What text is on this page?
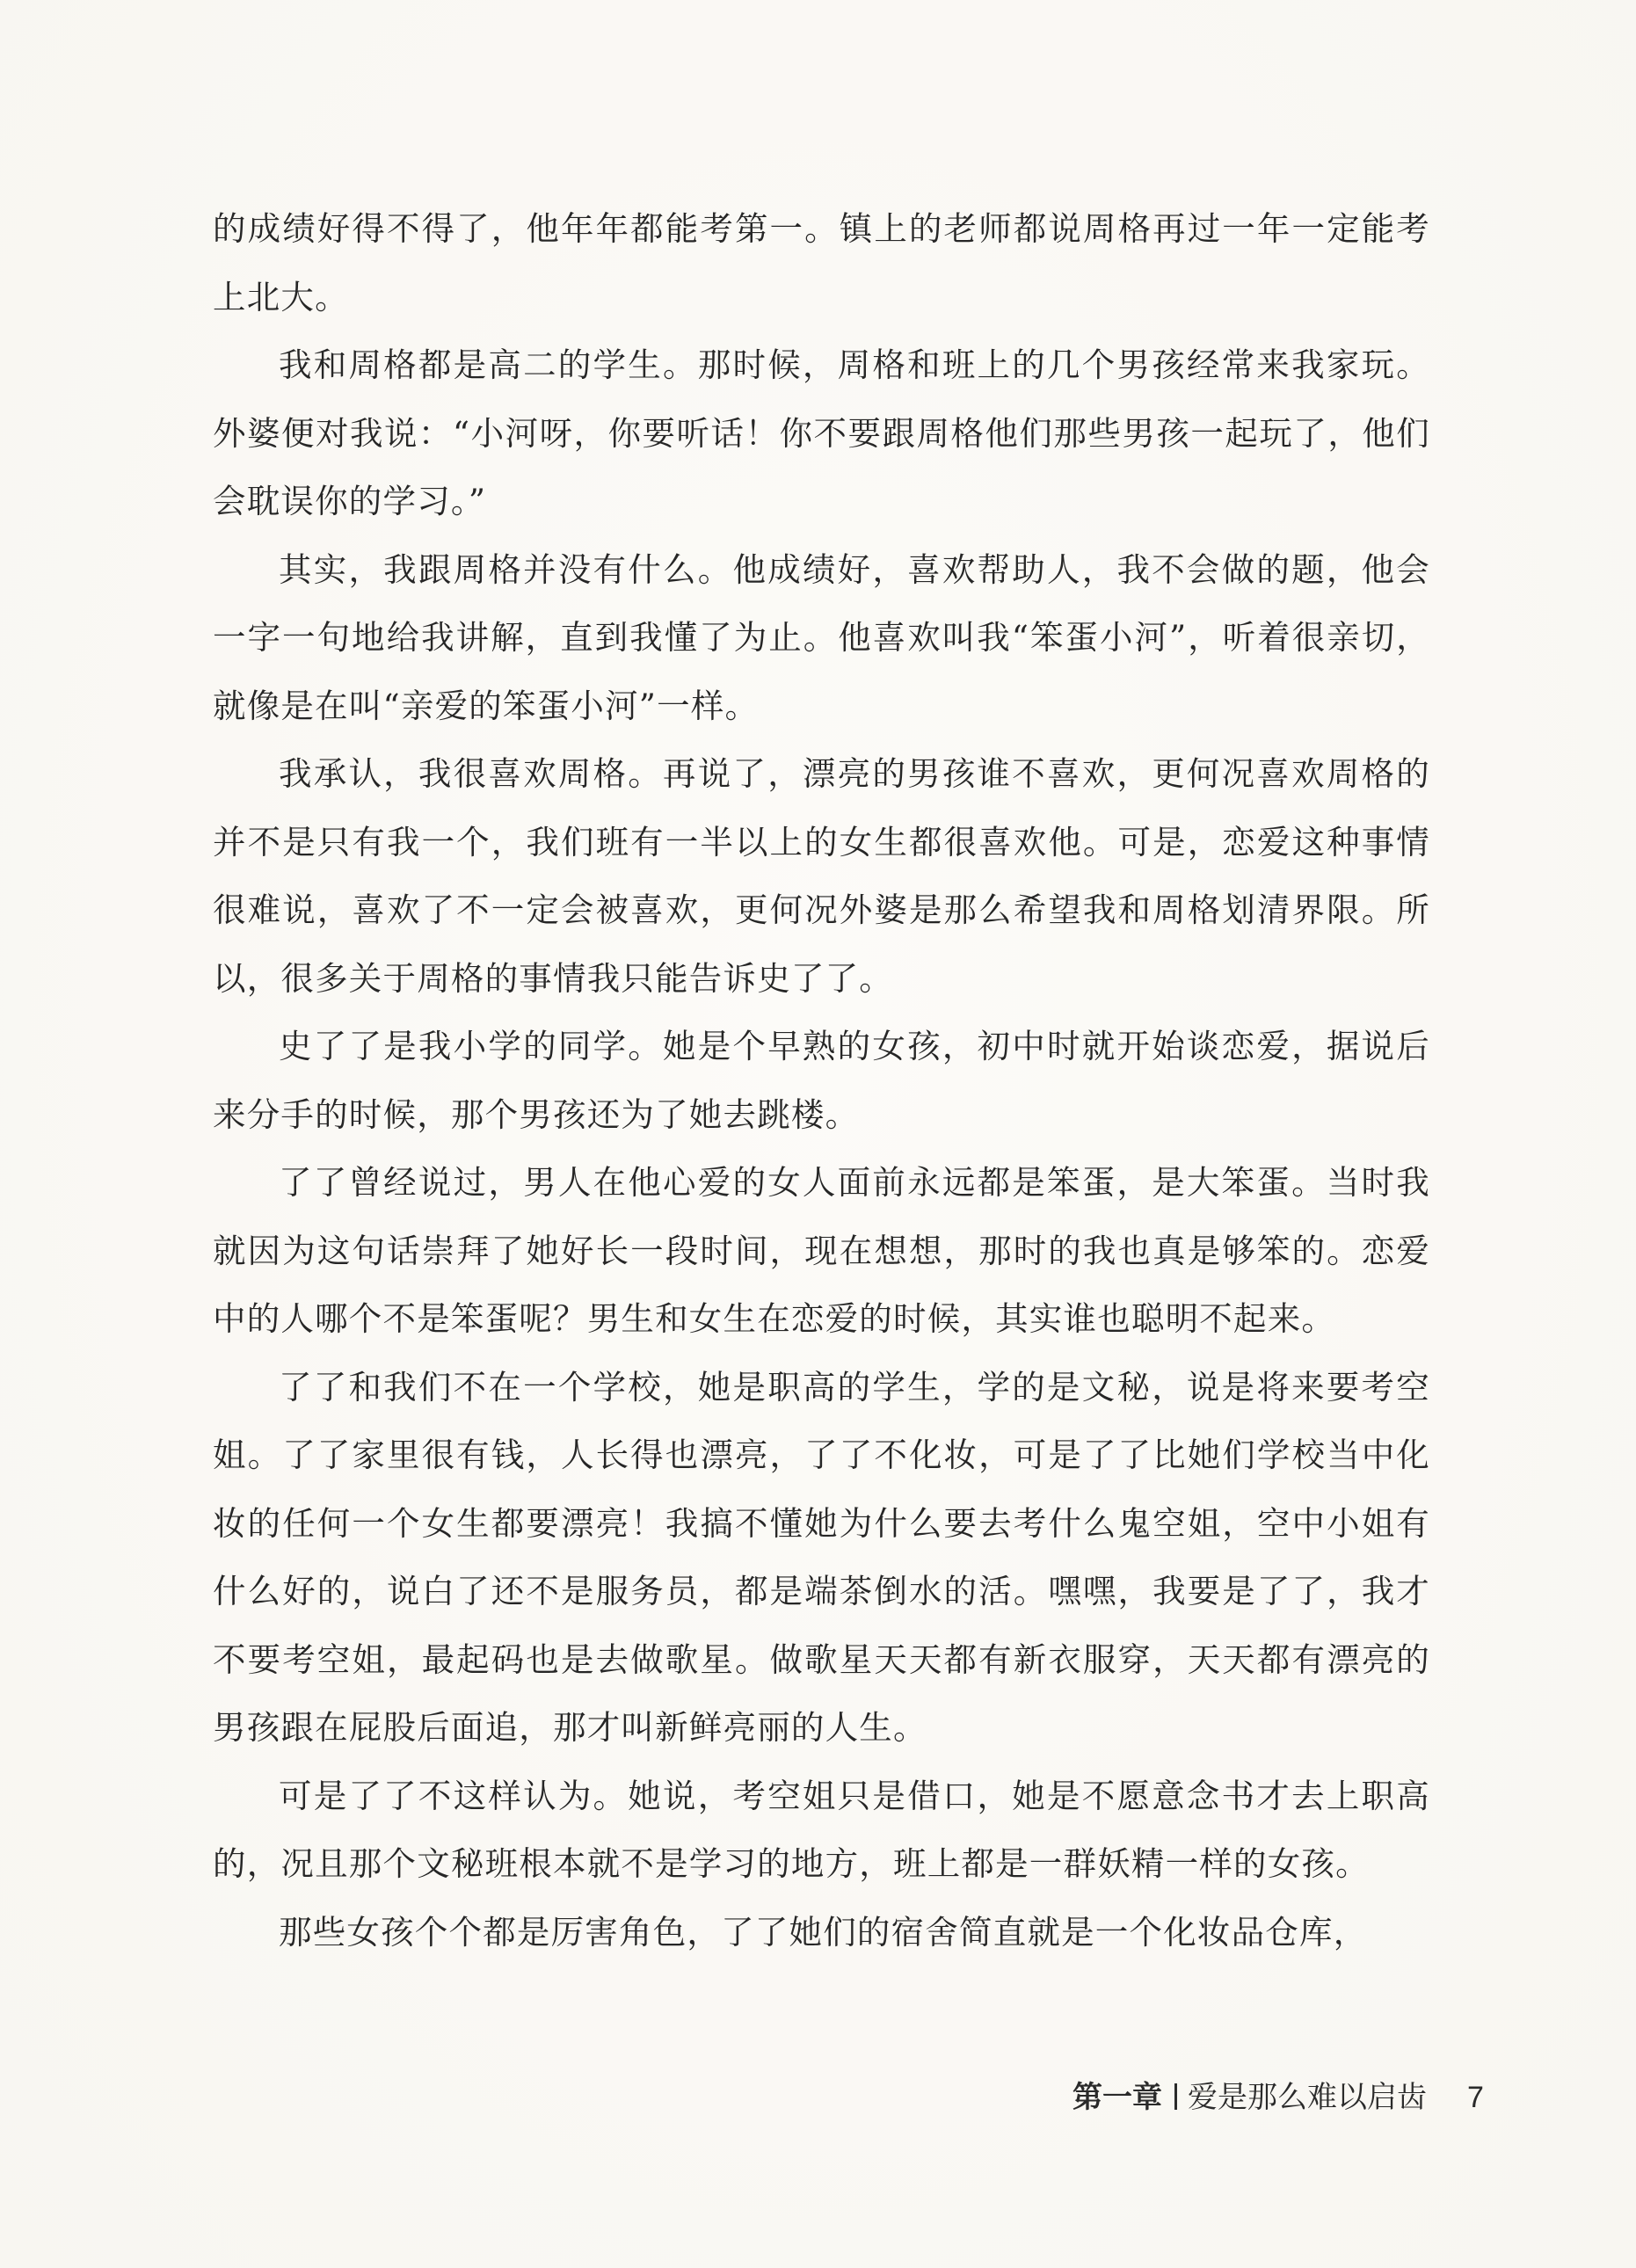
的成绩好得不得了，他年年都能考第一。镇上的老师都说周格再过一年一定能考上北大。

我和周格都是高二的学生。那时候，周格和班上的几个男孩经常来我家玩。外婆便对我说：“小河呀，你要听话！你不要跟周格他们那些男孩一起玩了，他们会耽误你的学习。”

其实，我跟周格并没有什么。他成绩好，喜欢帮助人，我不会做的题，他会一字一句地给我讲解，直到我懂了为止。他喜欢叫我“笨蛋小河”，听着很亲切，就像是在叫“亲爱的笨蛋小河”一样。

我承认，我很喜欢周格。再说了，漂亮的男孩谁不喜欢，更何况喜欢周格的并不是只有我一个，我们班有一半以上的女生都很喜欢他。可是，恋爱这种事情很难说，喜欢了不一定会被喜欢，更何况外婆是那么希望我和周格划清界限。所以，很多关于周格的事情我只能告诉史了了。

史了了是我小学的同学。她是个早熟的女孩，初中时就开始谈恋爱，据说后来分手的时候，那个男孩还为了她去跳楼。

了了曾经说过，男人在他心爱的女人面前永远都是笨蛋，是大笨蛋。当时我就因为这句话崇拜了她好长一段时间，现在想想，那时的我也真是够笨的。恋爱中的人哪个不是笨蛋呢？男生和女生在恋爱的时候，其实谁也聪明不起来。

了了和我们不在一个学校，她是职高的学生，学的是文秘，说是将来要考空姐。了了家里很有钱，人长得也漂亮，了了不化妆，可是了了比她们学校当中化妆的任何一个女生都要漂亮！我搞不懂她为什么要去考什么鬼空姐，空中小姐有什么好的，说白了还不是服务员，都是端茶倒水的活。嘿嘿，我要是了了，我才不要考空姐，最起码也是去做歌星。做歌星天天都有新衣服穿，天天都有漂亮的男孩跟在屁股后面追，那才叫新鲜亮丽的人生。

可是了了不这样认为。她说，考空姐只是借口，她是不愿意念书才去上职高的，况且那个文秘班根本就不是学习的地方，班上都是一群妖精一样的女孩。

那些女孩个个都是厉害角色，了了她们的宿舍简直就是一个化妆品仓库，

第一章 爱是那么难以启齿 7
